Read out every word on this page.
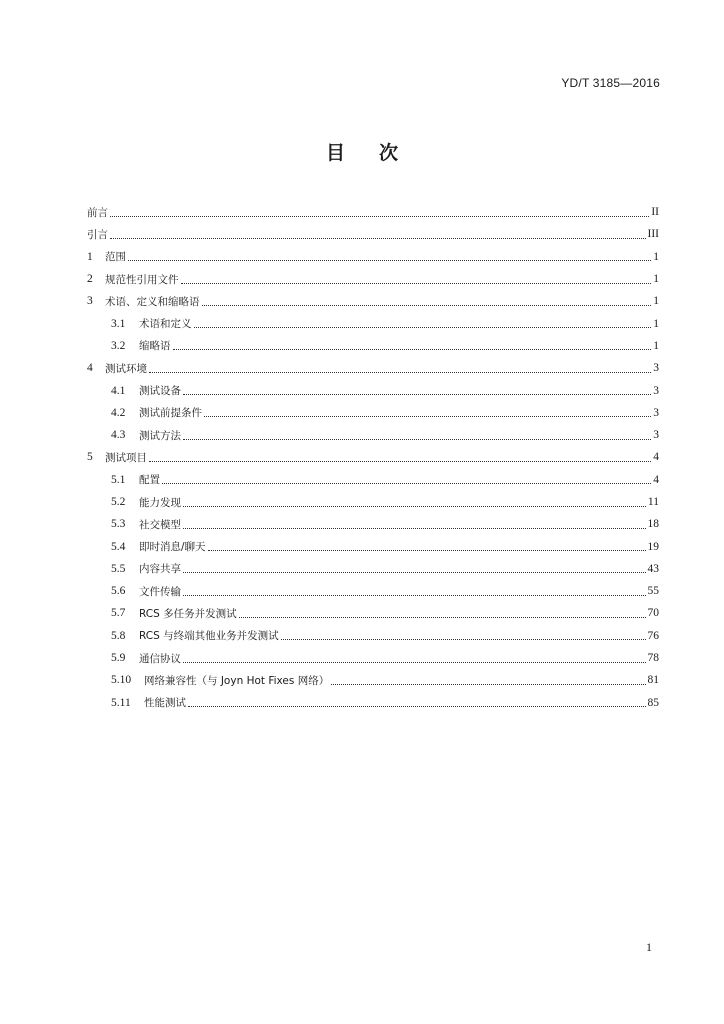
YD/T 3185—2016
目 次
前言	II
引言	III
1	范围	1
2	规范性引用文件	1
3	术语、定义和缩略语	1
3.1	术语和定义	1
3.2	缩略语	1
4	测试环境	3
4.1	测试设备	3
4.2	测试前提条件	3
4.3	测试方法	3
5	测试项目	4
5.1	配置	4
5.2	能力发现	11
5.3	社交模型	18
5.4	即时消息/聊天	19
5.5	内容共享	43
5.6	文件传输	55
5.7	RCS 多任务并发测试	70
5.8	RCS 与终端其他业务并发测试	76
5.9	通信协议	78
5.10	网络兼容性（与 Joyn Hot Fixes 网络）	81
5.11	性能测试	85
1
